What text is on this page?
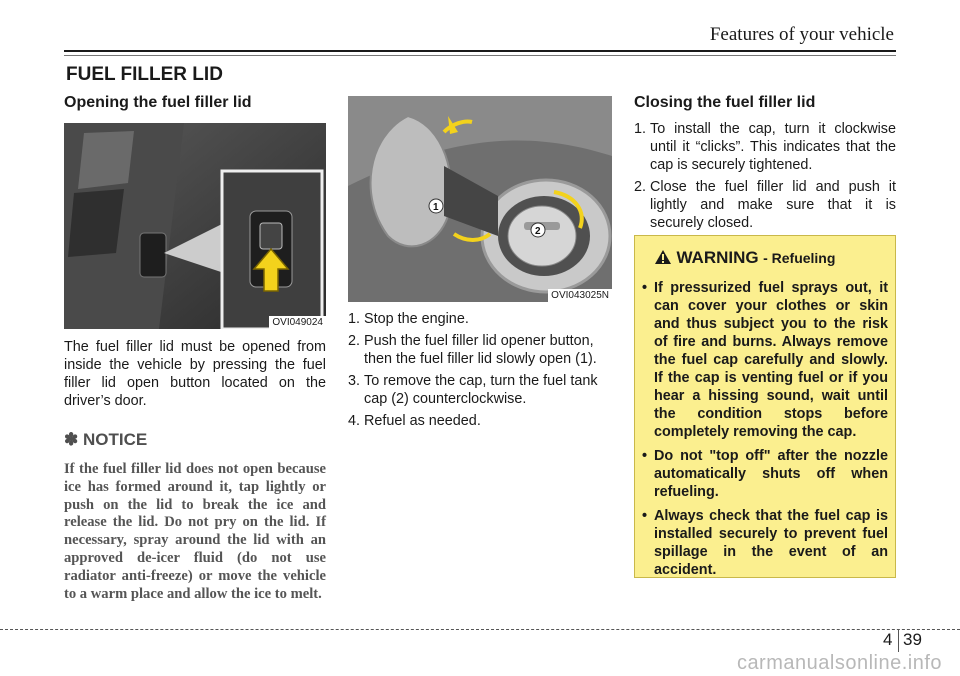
Features of your vehicle
FUEL FILLER LID
Opening the fuel filler lid
OVI049024
The fuel filler lid must be opened from inside the vehicle by pressing the fuel filler lid open button located on the driver’s door.
✽ NOTICE
If the fuel filler lid does not open because ice has formed around it, tap lightly or push on the lid to break the ice and release the lid. Do not pry on the lid. If necessary, spray around the lid with an approved de-icer fluid (do not use radiator anti-freeze) or move the vehicle to a warm place and allow the ice to melt.
1
2
OVI043025N
1. Stop the engine.
2. Push the fuel filler lid opener button, then the fuel filler lid slowly open (1).
3. To remove the cap, turn the fuel tank cap (2) counterclockwise.
4. Refuel as needed.
Closing the fuel filler lid
1. To install the cap, turn it clockwise until it “clicks”. This indicates that the cap is securely tightened.
2. Close the fuel filler lid and push it lightly and make sure that it is securely closed.
WARNING - Refueling
• If pressurized fuel sprays out, it can cover your clothes or skin and thus subject you to the risk of fire and burns. Always remove the fuel cap carefully and slowly. If the cap is venting fuel or if you hear a hissing sound, wait until the condition stops before completely removing the cap.
• Do not "top off" after the nozzle automatically shuts off when refueling.
• Always check that the fuel cap is installed securely to prevent fuel spillage in the event of an accident.
4 39
carmanualsonline.info
